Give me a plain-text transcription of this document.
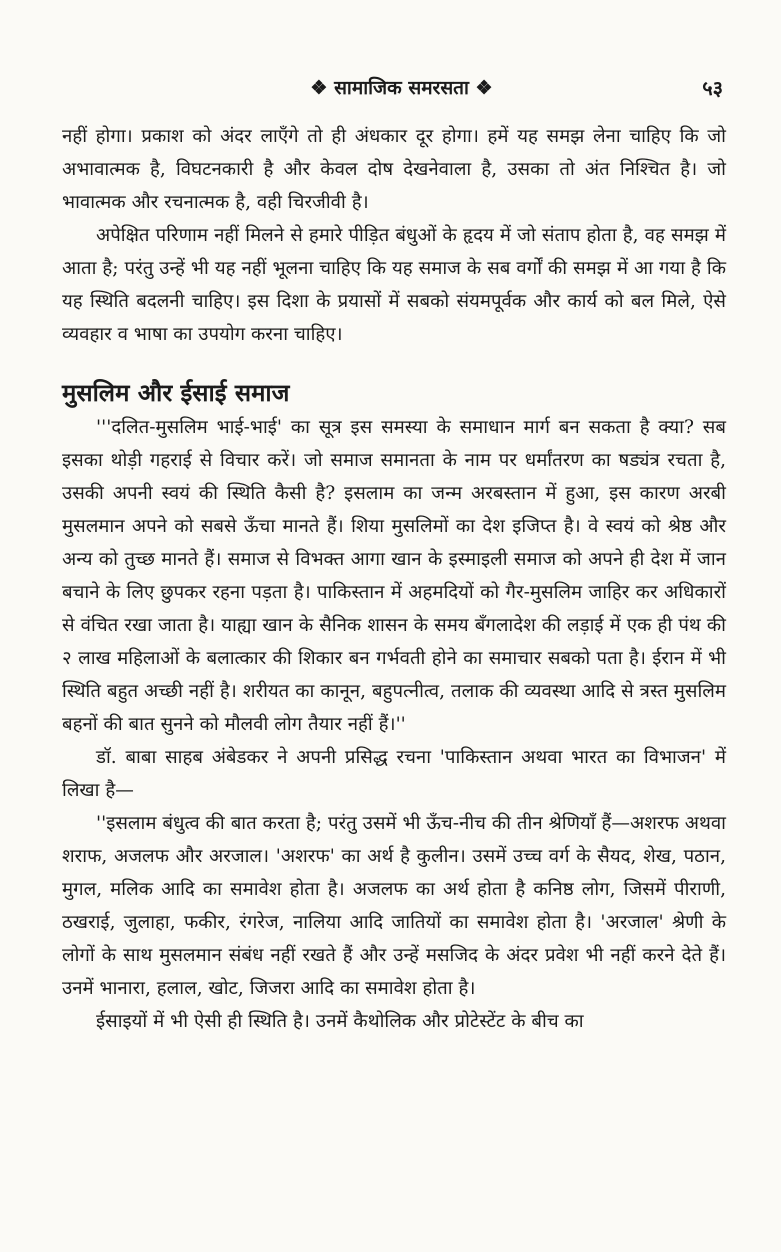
❖ सामाजिक समरसता ❖	५३

नहीं होगा। प्रकाश को अंदर लाएँगे तो ही अंधकार दूर होगा। हमें यह समझ लेना चाहिए कि जो अभावात्मक है, विघटनकारी है और केवल दोष देखनेवाला है, उसका तो अंत निश्चित है। जो भावात्मक और रचनात्मक है, वही चिरजीवी है।

अपेक्षित परिणाम नहीं मिलने से हमारे पीड़ित बंधुओं के हृदय में जो संताप होता है, वह समझ में आता है; परंतु उन्हें भी यह नहीं भूलना चाहिए कि यह समाज के सब वर्गों की समझ में आ गया है कि यह स्थिति बदलनी चाहिए। इस दिशा के प्रयासों में सबको संयमपूर्वक और कार्य को बल मिले, ऐसे व्यवहार व भाषा का उपयोग करना चाहिए।

मुसलिम और ईसाई समाज

'''दलित-मुसलिम भाई-भाई' का सूत्र इस समस्या के समाधान मार्ग बन सकता है क्या? सब इसका थोड़ी गहराई से विचार करें। जो समाज समानता के नाम पर धर्मांतरण का षड्यंत्र रचता है, उसकी अपनी स्वयं की स्थिति कैसी है? इसलाम का जन्म अरबस्तान में हुआ, इस कारण अरबी मुसलमान अपने को सबसे ऊँचा मानते हैं। शिया मुसलिमों का देश इजिप्त है। वे स्वयं को श्रेष्ठ और अन्य को तुच्छ मानते हैं। समाज से विभक्त आगा खान के इस्माइली समाज को अपने ही देश में जान बचाने के लिए छुपकर रहना पड़ता है। पाकिस्तान में अहमदियों को गैर-मुसलिम जाहिर कर अधिकारों से वंचित रखा जाता है। याह्या खान के सैनिक शासन के समय बँगलादेश की लड़ाई में एक ही पंथ की २ लाख महिलाओं के बलात्कार की शिकार बन गर्भवती होने का समाचार सबको पता है। ईरान में भी स्थिति बहुत अच्छी नहीं है। शरीयत का कानून, बहुपत्नीत्व, तलाक की व्यवस्था आदि से त्रस्त मुसलिम बहनों की बात सुनने को मौलवी लोग तैयार नहीं हैं।''

डॉ. बाबा साहब अंबेडकर ने अपनी प्रसिद्ध रचना 'पाकिस्तान अथवा भारत का विभाजन' में लिखा है—

''इसलाम बंधुत्व की बात करता है; परंतु उसमें भी ऊँच-नीच की तीन श्रेणियाँ हैं—अशरफ अथवा शराफ, अजलफ और अरजाल। 'अशरफ' का अर्थ है कुलीन। उसमें उच्च वर्ग के सैयद, शेख, पठान, मुगल, मलिक आदि का समावेश होता है। अजलफ का अर्थ होता है कनिष्ठ लोग, जिसमें पीराणी, ठखराई, जुलाहा, फकीर, रंगरेज, नालिया आदि जातियों का समावेश होता है। 'अरजाल' श्रेणी के लोगों के साथ मुसलमान संबंध नहीं रखते हैं और उन्हें मसजिद के अंदर प्रवेश भी नहीं करने देते हैं। उनमें भानारा, हलाल, खोट, जिजरा आदि का समावेश होता है।

ईसाइयों में भी ऐसी ही स्थिति है। उनमें कैथोलिक और प्रोटेस्टेंट के बीच का
